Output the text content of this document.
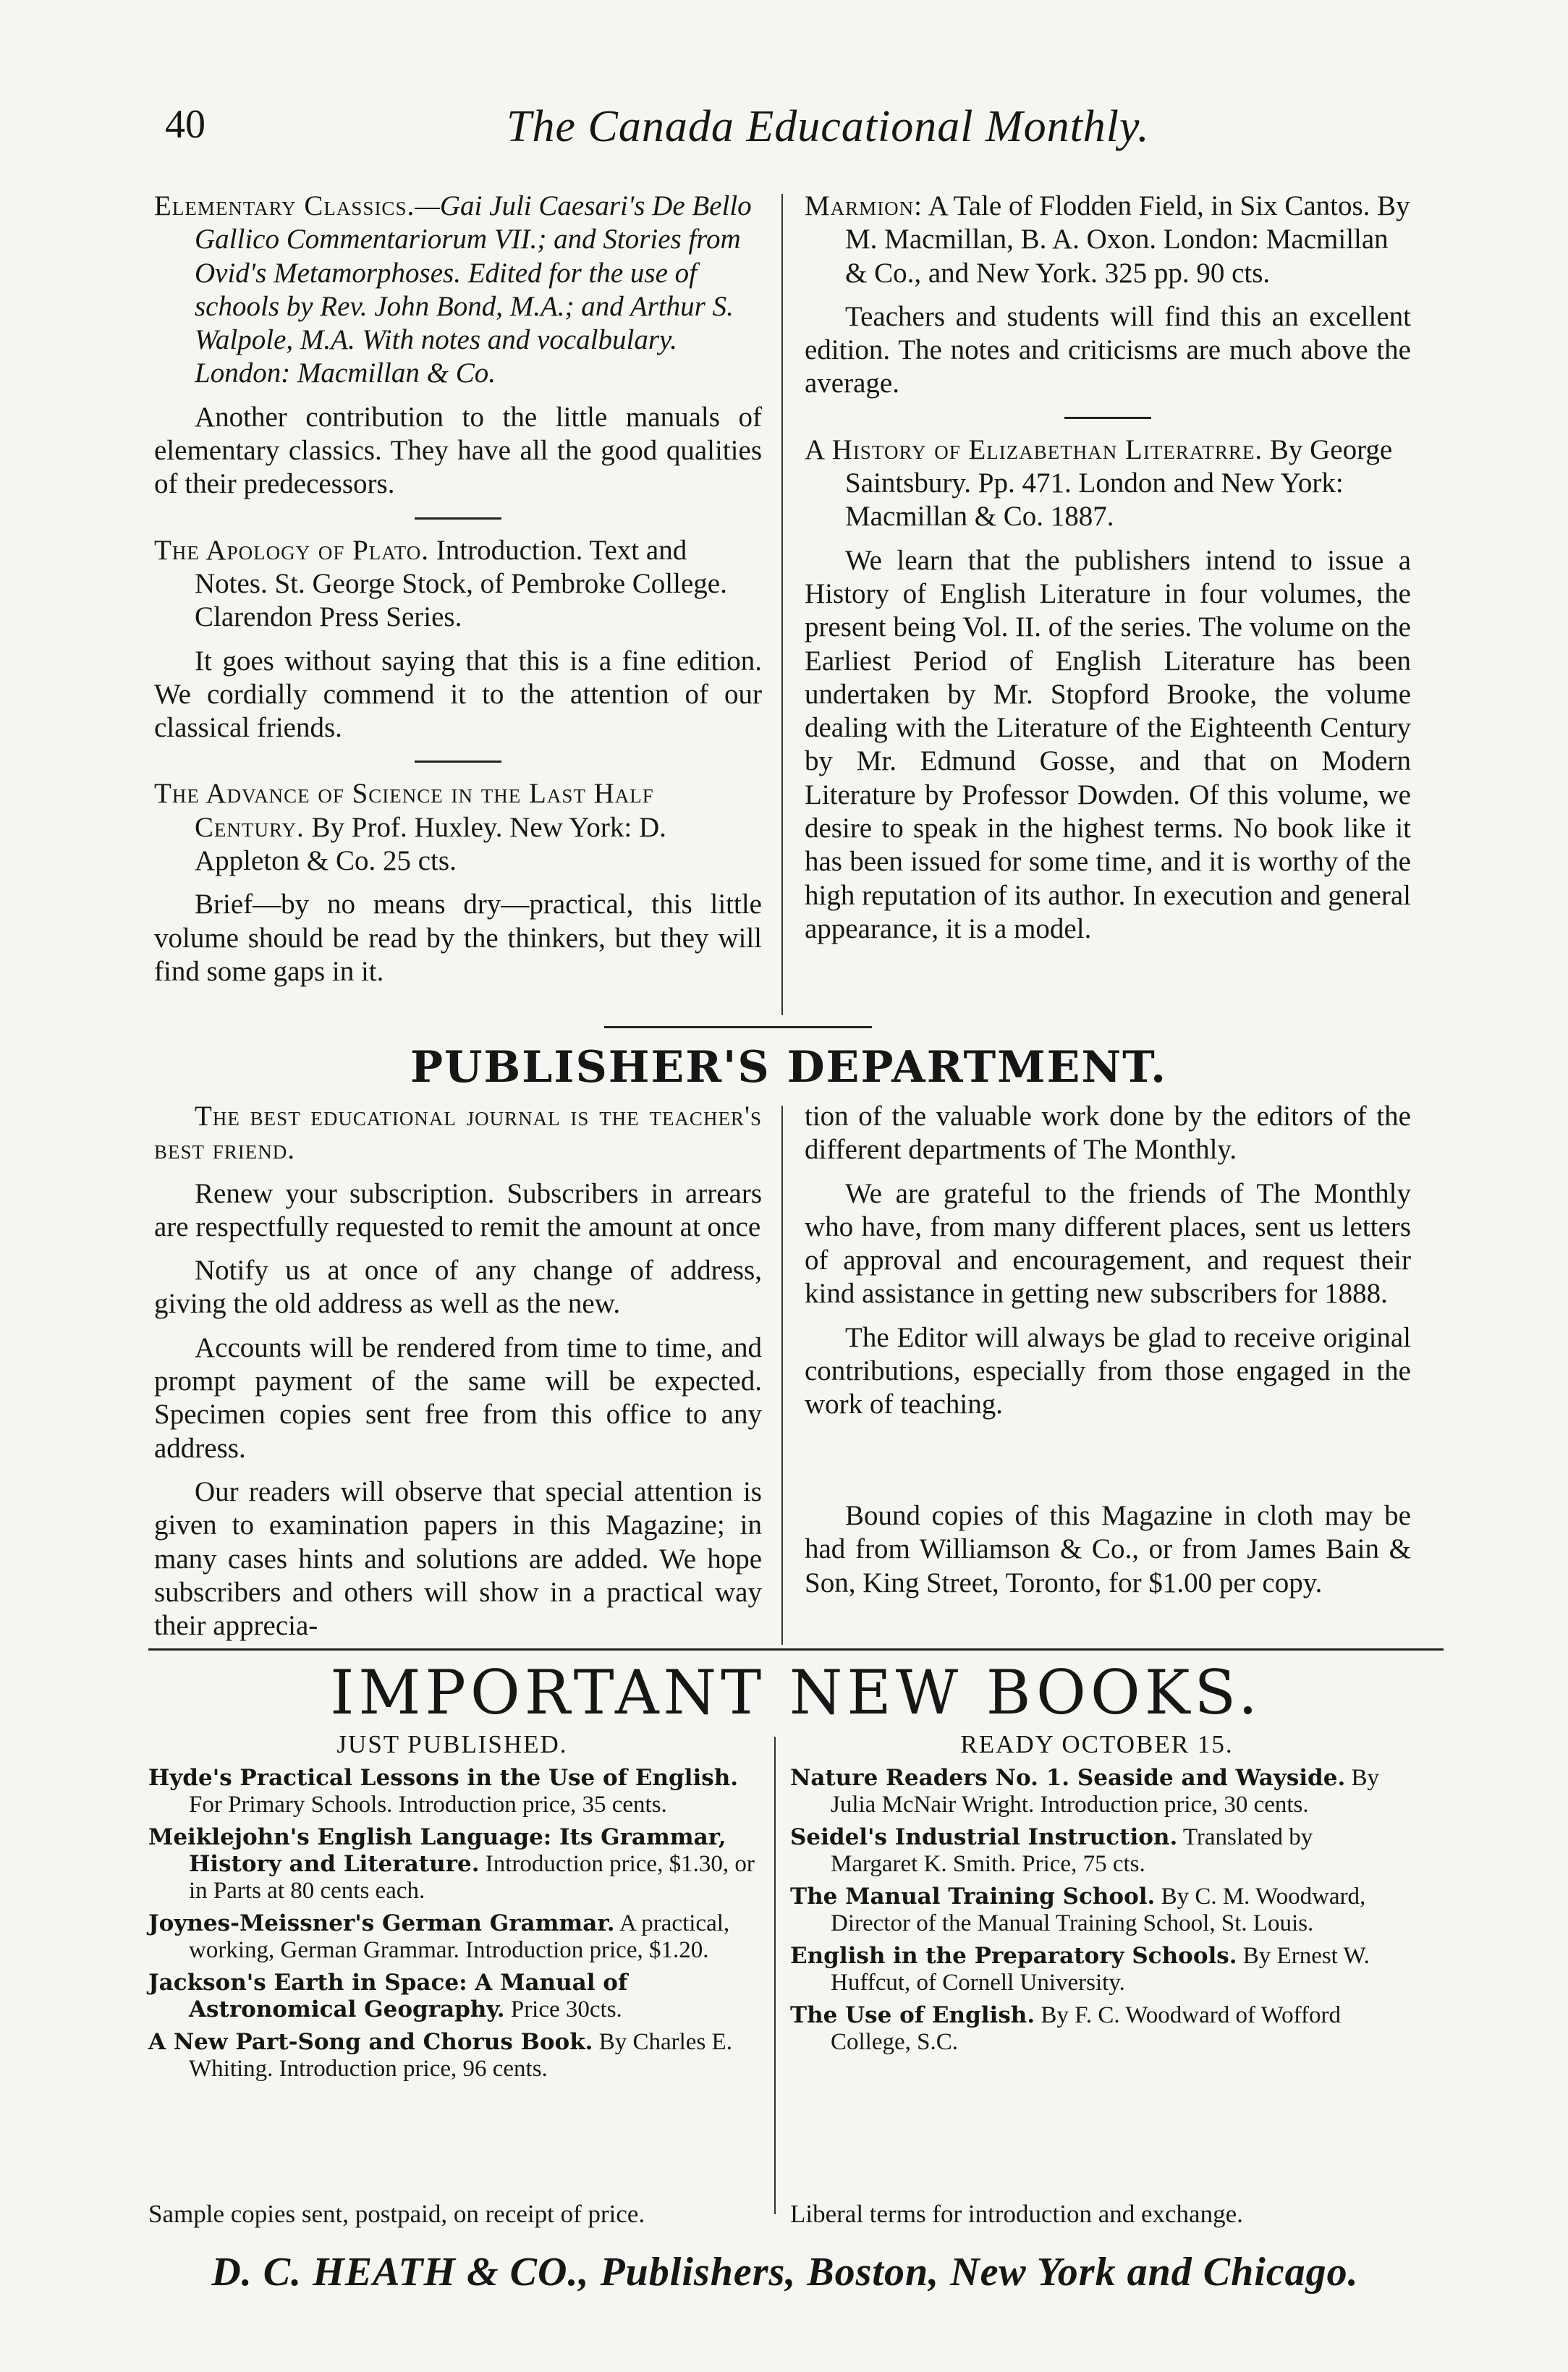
40	The Canada Educational Monthly.

Elementary Classics.—Gai Juli Caesari's De Bello Gallico Commentariorum VII.; and Stories from Ovid's Metamorphoses. Edited for the use of schools by Rev. John Bond, M.A.; and Arthur S. Walpole, M.A. With notes and vocalbulary. London: Macmillan & Co.

Another contribution to the little manuals of elementary classics. They have all the good qualities of their predecessors.

The Apology of Plato. Introduction. Text and Notes. St. George Stock, of Pembroke College. Clarendon Press Series.

It goes without saying that this is a fine edition. We cordially commend it to the attention of our classical friends.

The Advance of Science in the Last Half Century. By Prof. Huxley. New York: D. Appleton & Co. 25 cts.

Brief—by no means dry—practical, this little volume should be read by the thinkers, but they will find some gaps in it.

Marmion: A Tale of Flodden Field, in Six Cantos. By M. Macmillan, B. A. Oxon. London: Macmillan & Co., and New York. 325 pp. 90 cts.

Teachers and students will find this an excellent edition. The notes and criticisms are much above the average.

A History of Elizabethan Literatrre. By George Saintsbury. Pp. 471. London and New York: Macmillan & Co. 1887.

We learn that the publishers intend to issue a History of English Literature in four volumes, the present being Vol. II. of the series. The volume on the Earliest Period of English Literature has been undertaken by Mr. Stopford Brooke, the volume dealing with the Literature of the Eighteenth Century by Mr. Edmund Gosse, and that on Modern Literature by Professor Dowden. Of this volume, we desire to speak in the highest terms. No book like it has been issued for some time, and it is worthy of the high reputation of its author. In execution and general appearance, it is a model.

PUBLISHER'S DEPARTMENT.

The best educational journal is the teacher's best friend.

Renew your subscription. Subscribers in arrears are respectfully requested to remit the amount at once

Notify us at once of any change of address, giving the old address as well as the new.

Accounts will be rendered from time to time, and prompt payment of the same will be expected. Specimen copies sent free from this office to any address.

Our readers will observe that special attention is given to examination papers in this Magazine; in many cases hints and solutions are added. We hope subscribers and others will show in a practical way their apprecia-

tion of the valuable work done by the editors of the different departments of The Monthly.

We are grateful to the friends of The Monthly who have, from many different places, sent us letters of approval and encouragement, and request their kind assistance in getting new subscribers for 1888.

The Editor will always be glad to receive original contributions, especially from those engaged in the work of teaching.

Bound copies of this Magazine in cloth may be had from Williamson & Co., or from James Bain & Son, King Street, Toronto, for $1.00 per copy.

IMPORTANT NEW BOOKS.
JUST PUBLISHED.

Hyde's Practical Lessons in the Use of English. For Primary Schools. Introduction price, 35 cents.

Meiklejohn's English Language: Its Grammar, History and Literature. Introduction price, $1.30, or in Parts at 80 cents each.

Joynes-Meissner's German Grammar. A practical, working, German Grammar. Introduction price, $1.20.

Jackson's Earth in Space: A Manual of Astronomical Geography. Price 30cts.

A New Part-Song and Chorus Book. By Charles E. Whiting. Introduction price, 96 cents.

READY OCTOBER 15.

Nature Readers No. 1. Seaside and Wayside. By Julia McNair Wright. Introduction price, 30 cents.

Seidel's Industrial Instruction. Translated by Margaret K. Smith. Price, 75 cts.

The Manual Training School. By C. M. Woodward, Director of the Manual Training School, St. Louis.

English in the Preparatory Schools. By Ernest W. Huffcut, of Cornell University.

The Use of English. By F. C. Woodward of Wofford College, S.C.

Sample copies sent, postpaid, on receipt of price.	Liberal terms for introduction and exchange.
D. C. HEATH & CO., Publishers, Boston, New York and Chicago.
